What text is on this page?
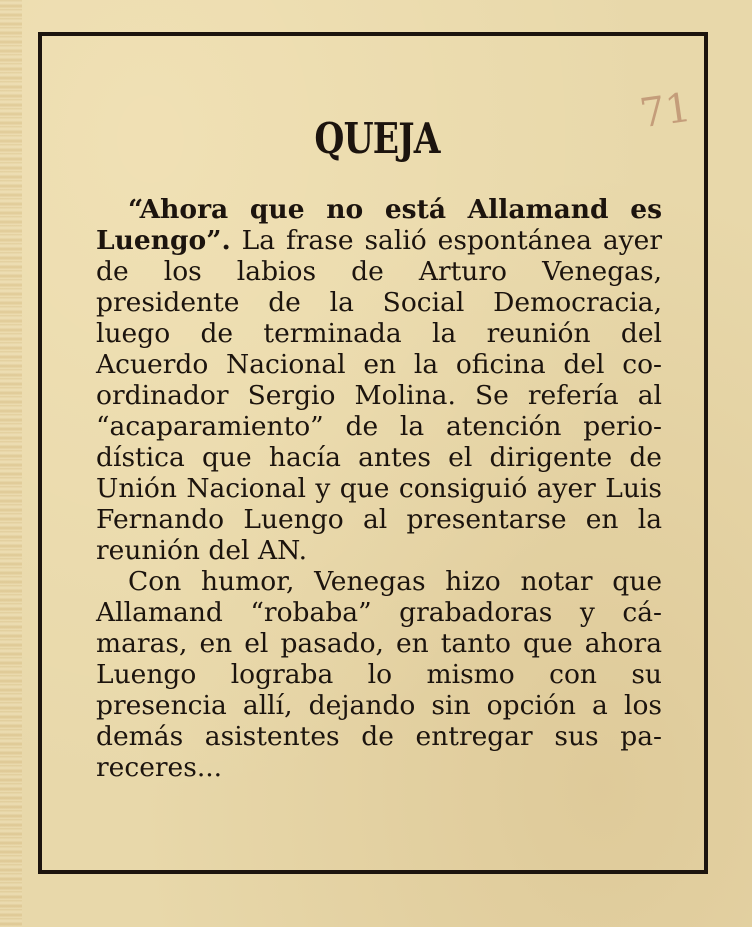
71
QUEJA

“Ahora que no está Allamand es Luengo”. La frase salió espontánea ayer de los labios de Arturo Venegas, presidente de la Social Democracia, luego de terminada la reunión del Acuerdo Nacional en la oficina del coordinador Sergio Molina. Se refería al “acaparamiento” de la atención periodística que hacía antes el dirigente de Unión Nacional y que consiguió ayer Luis Fernando Luengo al presentarse en la reunión del AN.

Con humor, Venegas hizo notar que Allamand “robaba” grabadoras y cámaras, en el pasado, en tanto que ahora Luengo lograba lo mismo con su presencia allí, dejando sin opción a los demás asistentes de entregar sus pareceres...
